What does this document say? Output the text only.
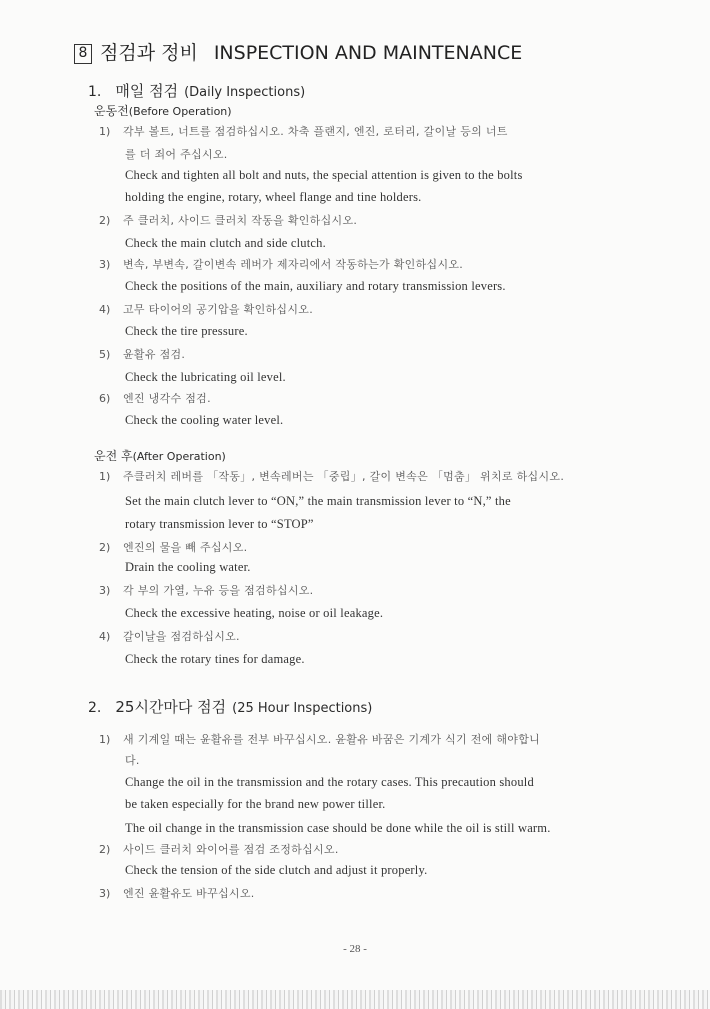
8 점검과 정비 INSPECTION AND MAINTENANCE
1. 매일 점검 (Daily Inspections)
운동전(Before Operation)
1) 각부 볼트, 너트를 점검하십시오. 차축 플랜지, 엔진, 로터리, 갈이날 등의 너트
를 더 죄어 주십시오.
Check and tighten all bolt and nuts, the special attention is given to the bolts
holding the engine, rotary, wheel flange and tine holders.
2) 주 클러치, 사이드 클러치 작동을 확인하십시오.
Check the main clutch and side clutch.
3) 변속, 부변속, 갈이변속 레버가 제자리에서 작동하는가 확인하십시오.
Check the positions of the main, auxiliary and rotary transmission levers.
4) 고무 타이어의 공기압을 확인하십시오.
Check the tire pressure.
5) 윤활유 점검.
Check the lubricating oil level.
6) 엔진 냉각수 점검.
Check the cooling water level.
운전 후(After Operation)
1) 주클러치 레버를 「작동」, 변속레버는 「중립」, 갈이 변속은 「멈춤」 위치로 하십시오.
Set the main clutch lever to “ON,” the main transmission lever to “N,” the
rotary transmission lever to “STOP”
2) 엔진의 물을 빼 주십시오.
Drain the cooling water.
3) 각 부의 가열, 누유 등을 점검하십시오.
Check the excessive heating, noise or oil leakage.
4) 갈이날을 점검하십시오.
Check the rotary tines for damage.
2. 25시간마다 점검 (25 Hour Inspections)
1) 새 기계일 때는 윤활유를 전부 바꾸십시오. 윤활유 바꿈은 기계가 식기 전에 해야합니
다.
Change the oil in the transmission and the rotary cases. This precaution should
be taken especially for the brand new power tiller.
The oil change in the transmission case should be done while the oil is still warm.
2) 사이드 클러치 와이어를 점검 조정하십시오.
Check the tension of the side clutch and adjust it properly.
3) 엔진 윤활유도 바꾸십시오.
- 28 -
